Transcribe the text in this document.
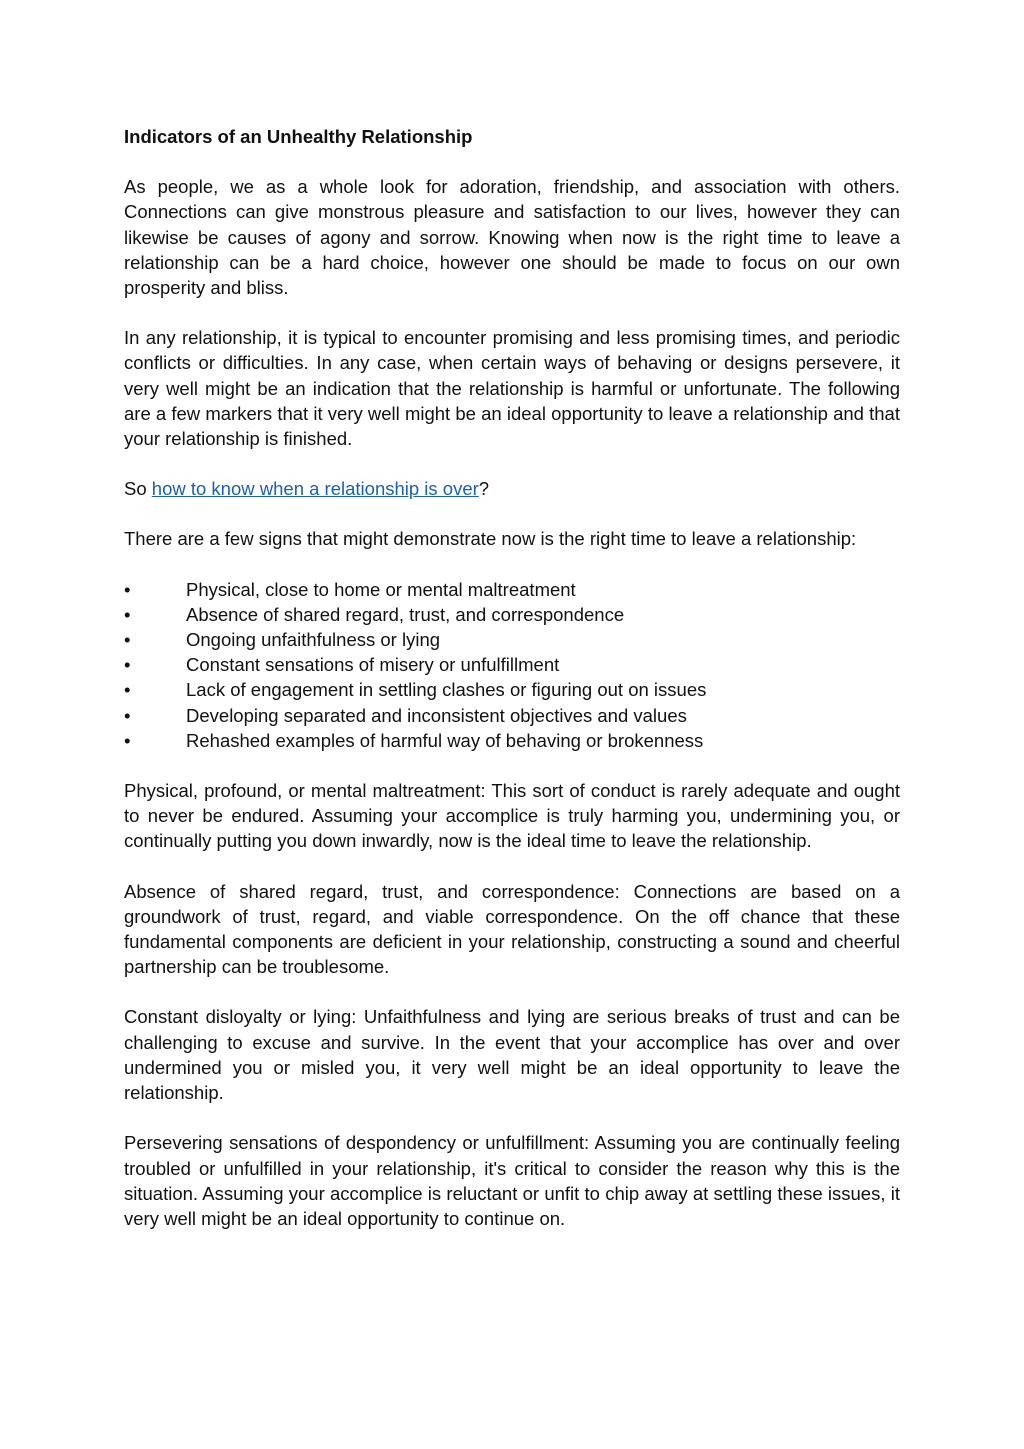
Indicators of an Unhealthy Relationship

As people, we as a whole look for adoration, friendship, and association with others. Connections can give monstrous pleasure and satisfaction to our lives, however they can likewise be causes of agony and sorrow. Knowing when now is the right time to leave a relationship can be a hard choice, however one should be made to focus on our own prosperity and bliss.

In any relationship, it is typical to encounter promising and less promising times, and periodic conflicts or difficulties. In any case, when certain ways of behaving or designs persevere, it very well might be an indication that the relationship is harmful or unfortunate. The following are a few markers that it very well might be an ideal opportunity to leave a relationship and that your relationship is finished.

So how to know when a relationship is over?

There are a few signs that might demonstrate now is the right time to leave a relationship:

•	Physical, close to home or mental maltreatment
•	Absence of shared regard, trust, and correspondence
•	Ongoing unfaithfulness or lying
•	Constant sensations of misery or unfulfillment
•	Lack of engagement in settling clashes or figuring out on issues
•	Developing separated and inconsistent objectives and values
•	Rehashed examples of harmful way of behaving or brokenness

Physical, profound, or mental maltreatment: This sort of conduct is rarely adequate and ought to never be endured. Assuming your accomplice is truly harming you, undermining you, or continually putting you down inwardly, now is the ideal time to leave the relationship.

Absence of shared regard, trust, and correspondence: Connections are based on a groundwork of trust, regard, and viable correspondence. On the off chance that these fundamental components are deficient in your relationship, constructing a sound and cheerful partnership can be troublesome.

Constant disloyalty or lying: Unfaithfulness and lying are serious breaks of trust and can be challenging to excuse and survive. In the event that your accomplice has over and over undermined you or misled you, it very well might be an ideal opportunity to leave the relationship.

Persevering sensations of despondency or unfulfillment: Assuming you are continually feeling troubled or unfulfilled in your relationship, it's critical to consider the reason why this is the situation. Assuming your accomplice is reluctant or unfit to chip away at settling these issues, it very well might be an ideal opportunity to continue on.
